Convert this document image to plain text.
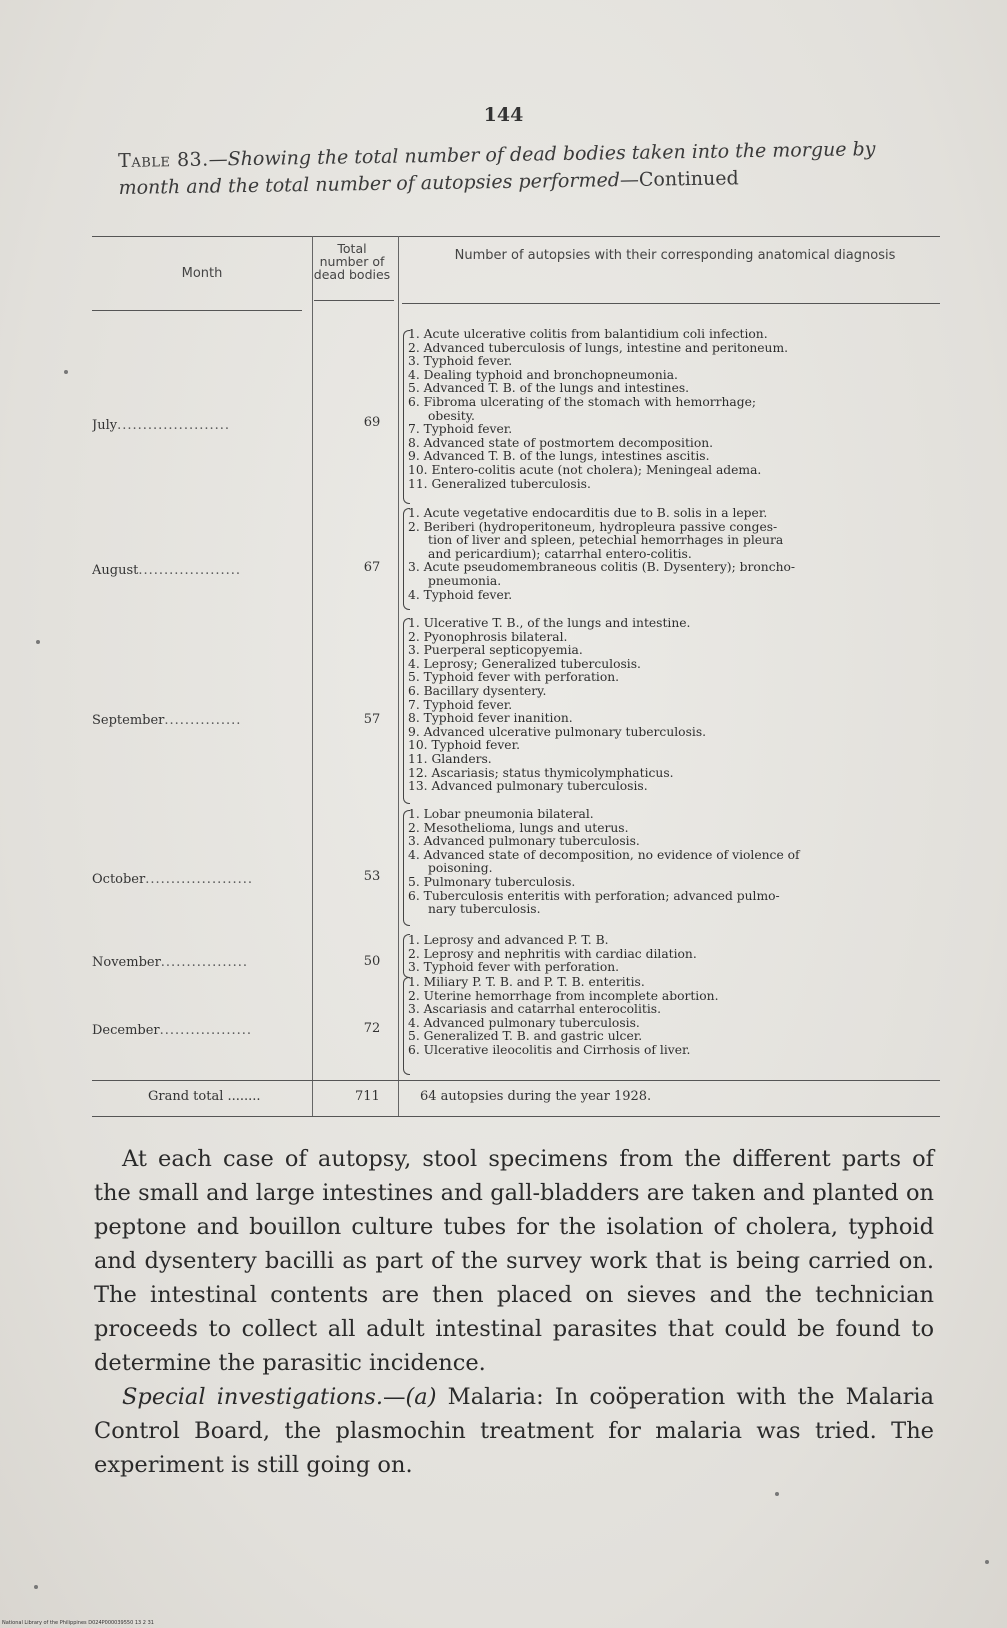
144
Table 83.—Showing the total number of dead bodies taken into the morgue by month and the total number of autopsies performed—Continued
Month
Total number of dead bodies
Number of autopsies with their corresponding anatomical diagnosis
July......................	69
1. Acute ulcerative colitis from balantidium coli infection.
2. Advanced tuberculosis of lungs, intestine and peritoneum.
3. Typhoid fever.
4. Dealing typhoid and bronchopneumonia.
5. Advanced T. B. of the lungs and intestines.
6. Fibroma ulcerating of the stomach with hemorrhage;
obesity.
7. Typhoid fever.
8. Advanced state of postmortem decomposition.
9. Advanced T. B. of the lungs, intestines ascitis.
10. Entero-colitis acute (not cholera); Meningeal adema.
11. Generalized tuberculosis.
August....................	67
1. Acute vegetative endocarditis due to B. solis in a leper.
2. Beriberi (hydroperitoneum, hydropleura passive conges-
tion of liver and spleen, petechial hemorrhages in pleura
and pericardium); catarrhal entero-colitis.
3. Acute pseudomembraneous colitis (B. Dysentery); broncho-
pneumonia.
4. Typhoid fever.
September...............	57
1. Ulcerative T. B., of the lungs and intestine.
2. Pyonophrosis bilateral.
3. Puerperal septicopyemia.
4. Leprosy; Generalized tuberculosis.
5. Typhoid fever with perforation.
6. Bacillary dysentery.
7. Typhoid fever.
8. Typhoid fever inanition.
9. Advanced ulcerative pulmonary tuberculosis.
10. Typhoid fever.
11. Glanders.
12. Ascariasis; status thymicolymphaticus.
13. Advanced pulmonary tuberculosis.
October.....................	53
1. Lobar pneumonia bilateral.
2. Mesothelioma, lungs and uterus.
3. Advanced pulmonary tuberculosis.
4. Advanced state of decomposition, no evidence of violence of
poisoning.
5. Pulmonary tuberculosis.
6. Tuberculosis enteritis with perforation; advanced pulmo-
nary tuberculosis.
November.................	50
1. Leprosy and advanced P. T. B.
2. Leprosy and nephritis with cardiac dilation.
3. Typhoid fever with perforation.
December..................	72
1. Miliary P. T. B. and P. T. B. enteritis.
2. Uterine hemorrhage from incomplete abortion.
3. Ascariasis and catarrhal enterocolitis.
4. Advanced pulmonary tuberculosis.
5. Generalized T. B. and gastric ulcer.
6. Ulcerative ileocolitis and Cirrhosis of liver.
Grand total ........	711	64 autopsies during the year 1928.
At each case of autopsy, stool specimens from the different parts of the small and large intestines and gall-bladders are taken and planted on peptone and bouillon culture tubes for the isolation of cholera, typhoid and dysentery bacilli as part of the survey work that is being carried on. The intestinal contents are then placed on sieves and the technician proceeds to collect all adult intestinal parasites that could be found to determine the parasitic incidence.
Special investigations.—(a) Malaria: In coöperation with the Malaria Control Board, the plasmochin treatment for malaria was tried. The experiment is still going on.
National Library of the Philippines D024P000039550 13 2 31
